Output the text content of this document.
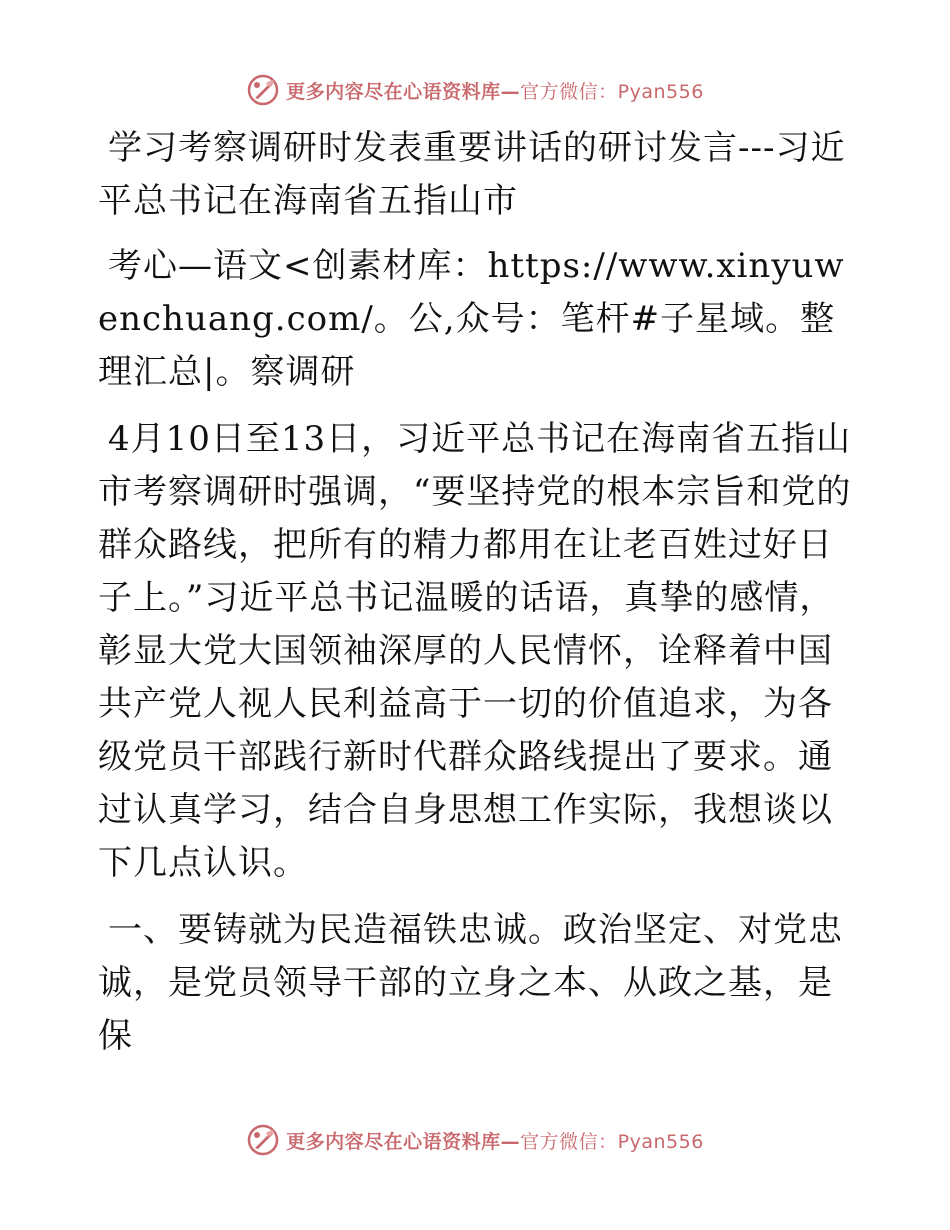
更多内容尽在心语资料库—官方微信：Pyan556

学习考察调研时发表重要讲话的研讨发言---习近平总书记在海南省五指山市

考心—语文<创素材库：https://www.xinyuwenchuang.com/。公,众号：笔杆#子星域。整理汇总|。察调研

4月10日至13日，习近平总书记在海南省五指山市考察调研时强调，“要坚持党的根本宗旨和党的群众路线，把所有的精力都用在让老百姓过好日子上。”习近平总书记温暖的话语，真挚的感情，彰显大党大国领袖深厚的人民情怀，诠释着中国共产党人视人民利益高于一切的价值追求，为各级党员干部践行新时代群众路线提出了要求。通过认真学习，结合自身思想工作实际，我想谈以下几点认识。

一、要铸就为民造福铁忠诚。政治坚定、对党忠诚，是党员领导干部的立身之本、从政之基，是保

更多内容尽在心语资料库—官方微信：Pyan556
